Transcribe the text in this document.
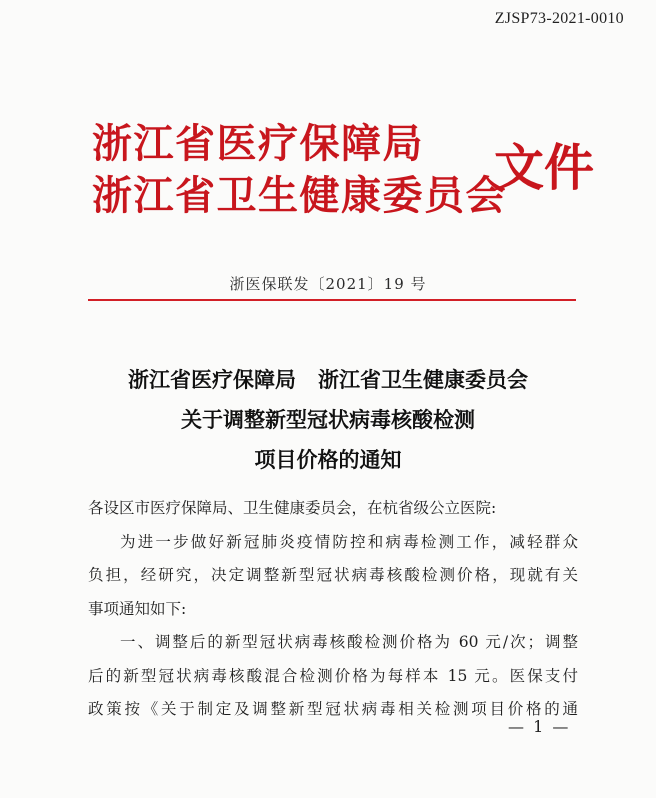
ZJSP73-2021-0010
浙江省医疗保障局
浙江省卫生健康委员会
文件
浙医保联发〔2021〕19 号
浙江省医疗保障局 浙江省卫生健康委员会
关于调整新型冠状病毒核酸检测
项目价格的通知
各设区市医疗保障局、卫生健康委员会，在杭省级公立医院:
为进一步做好新冠肺炎疫情防控和病毒检测工作，减轻群众
负担，经研究，决定调整新型冠状病毒核酸检测价格，现就有关
事项通知如下:
一、调整后的新型冠状病毒核酸检测价格为 60 元/次；调整
后的新型冠状病毒核酸混合检测价格为每样本 15 元。医保支付
政策按《关于制定及调整新型冠状病毒相关检测项目价格的通
— 1 —
